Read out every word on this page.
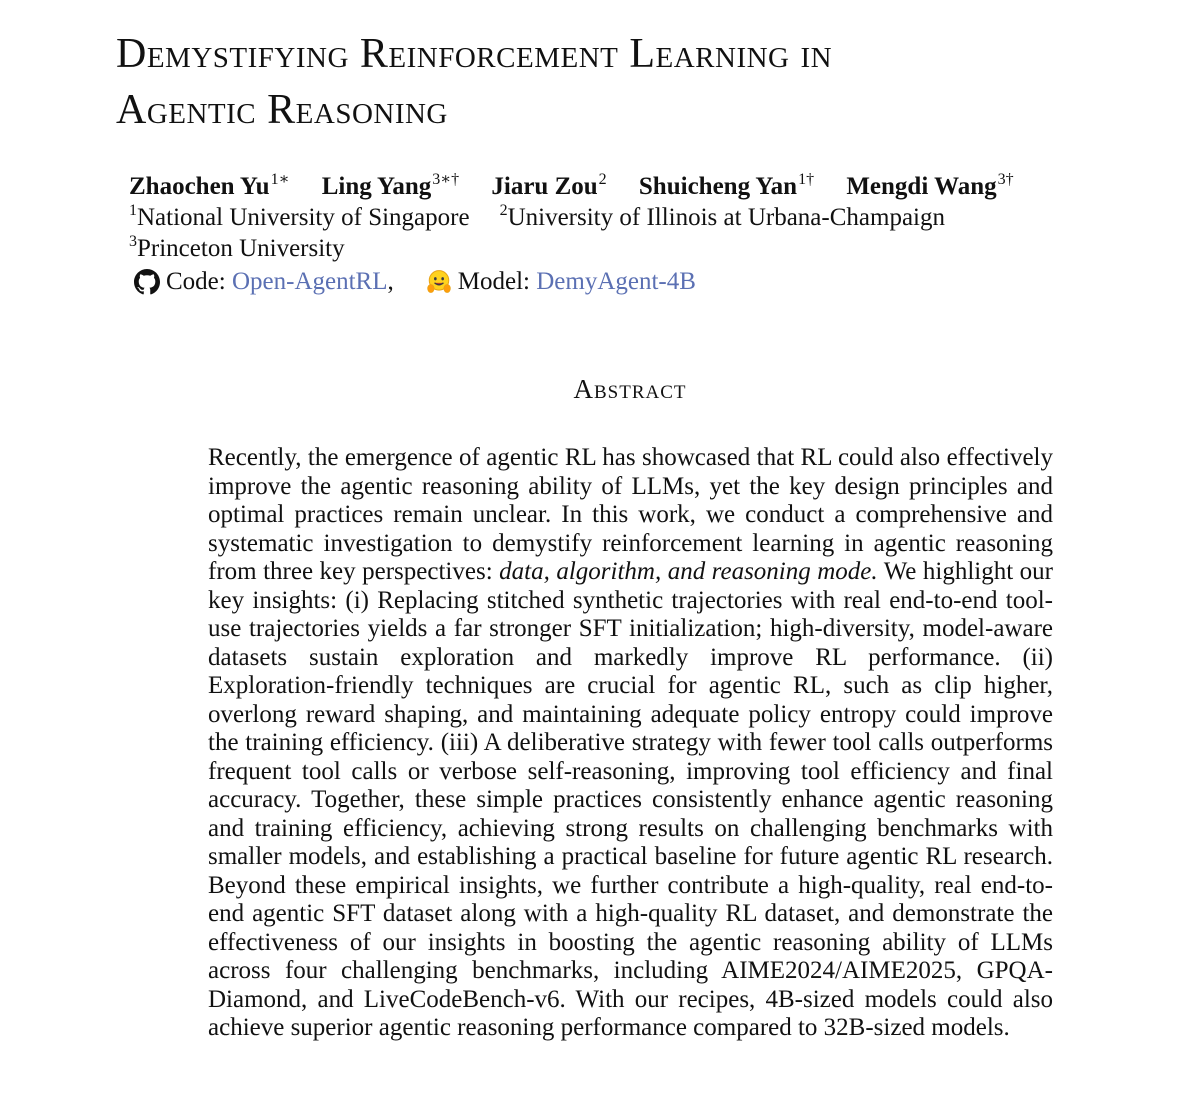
Demystifying Reinforcement Learning in
Agentic Reasoning
Zhaochen $Yu^{1∗}$ Ling Yang$^{3∗\dagger}$ Jiaru Zou$^2$ Shuicheng Yan$^{1\dagger}$ Mengdi Wang$^{3\dagger}$
$^1$National University of Singapore $^2$University of Illinois at Urbana-Champaign
$^3$Princeton University
Code:
Open-AgentRL ,	Model:
DemyAgent-4B
Abstract
Recently, the emergence of agentic RL has showcased that RL could also effectively improve the agentic reasoning ability of LLMs, yet the key design principles and optimal practices remain unclear. In this work, we conduct a comprehensive and systematic investigation to demystify reinforcement learning in agentic reasoning from three key perspectives: data, algorithm, and reasoning mode. We highlight our key insights: (i) Replacing stitched synthetic trajectories with real end-to-end tool-use trajectories yields a far stronger SFT initialization; high-diversity, model-aware datasets sustain exploration and markedly improve RL performance. (ii) Exploration-friendly techniques are crucial for agentic RL, such as clip higher, overlong reward shaping, and maintaining adequate policy entropy could improve the training efficiency. (iii) A deliberative strategy with fewer tool calls outperforms frequent tool calls or verbose self-reasoning, improving tool efficiency and final accuracy. Together, these simple practices consistently enhance agentic reasoning and training efficiency, achieving strong results on challenging benchmarks with smaller models, and establishing a practical baseline for future agentic RL research. Beyond these empirical insights, we further contribute a high-quality, real end-to-end agentic SFT dataset along with a high-quality RL dataset, and demonstrate the effectiveness of our insights in boosting the agentic reasoning ability of LLMs across four challenging benchmarks, including AIME2024/AIME2025, GPQA-Diamond, and LiveCodeBench-v6. With our recipes, 4B-sized models could also achieve superior agentic reasoning performance compared to 32B-sized models.
